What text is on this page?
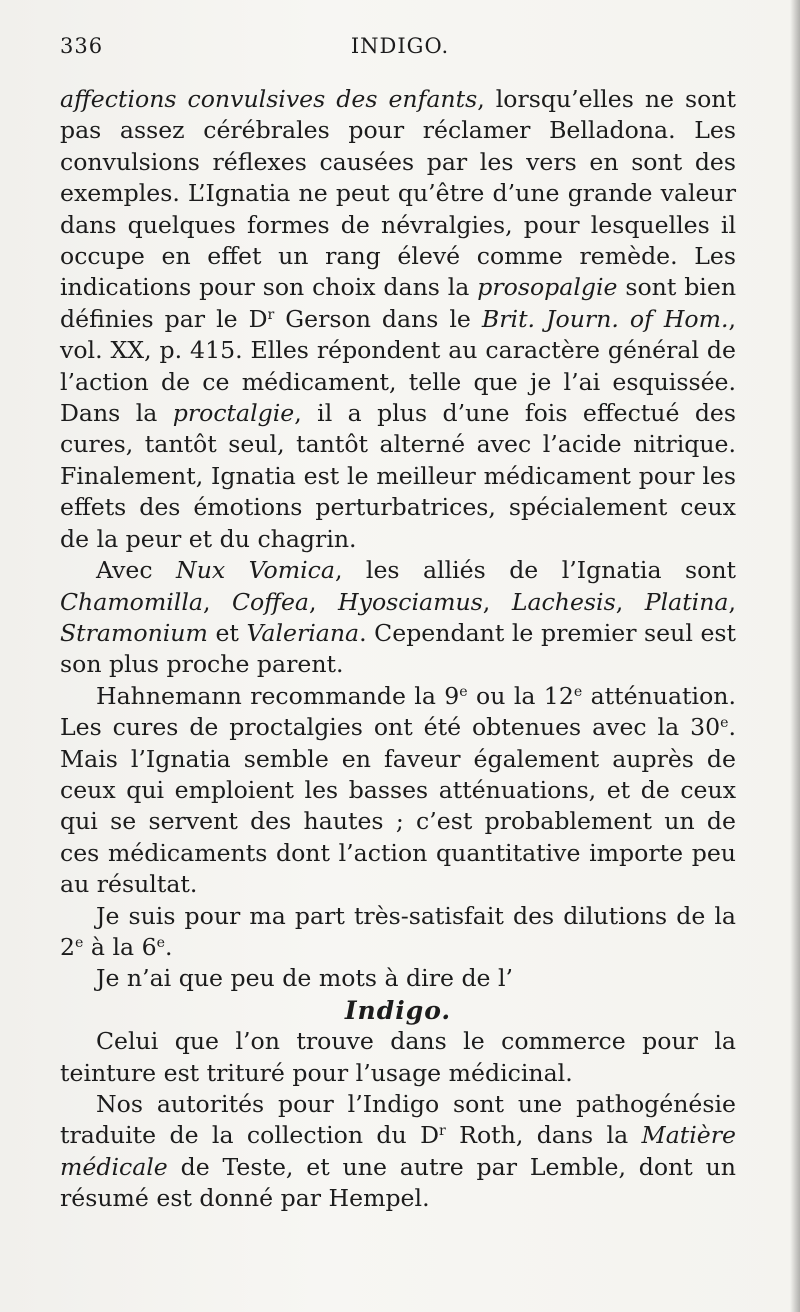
336	INDIGO.

affections convulsives des enfants, lorsqu’elles ne sont pas assez cérébrales pour réclamer Belladona. Les convulsions réflexes causées par les vers en sont des exemples. L’Ignatia ne peut qu’être d’une grande valeur dans quelques formes de névralgies, pour lesquelles il occupe en effet un rang élevé comme remède. Les indications pour son choix dans la prosopalgie sont bien définies par le $D^r$ Gerson dans le Brit. Journ. of Hom., vol. XX, p. 415. Elles répondent au caractère général de l’action de ce médicament, telle que je l’ai esquissée. Dans la proctalgie, il a plus d’une fois effectué des cures, tantôt seul, tantôt alterné avec l’acide nitrique. Finalement, Ignatia est le meilleur médicament pour les effets des émotions perturbatrices, spécialement ceux de la peur et du chagrin.

Avec Nux Vomica, les alliés de l’Ignatia sont Chamomilla, Coffea, Hyosciamus, Lachesis, Platina, Stramonium et Valeriana. Cependant le premier seul est son plus proche parent.

Hahnemann recommande la 9e ou la 12e atténuation. Les cures de proctalgies ont été obtenues avec la 30e. Mais l’Ignatia semble en faveur également auprès de ceux qui emploient les basses atténuations, et de ceux qui se servent des hautes ; c’est probablement un de ces médicaments dont l’action quantitative importe peu au résultat.

Je suis pour ma part très-satisfait des dilutions de la 2e à la 6e.

Je n’ai que peu de mots à dire de l’

Indigo.

Celui que l’on trouve dans le commerce pour la teinture est trituré pour l’usage médicinal.

Nos autorités pour l’Indigo sont une pathogénésie traduite de la collection du $D^r$ Roth, dans la Matière médicale de Teste, et une autre par Lemble, dont un résumé est donné par Hempel.
